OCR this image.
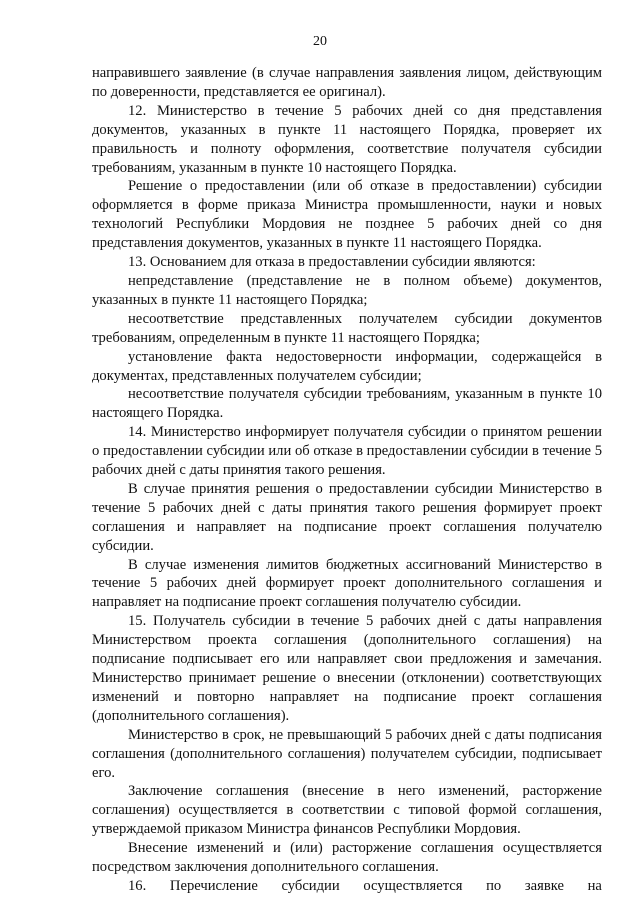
20

направившего заявление (в случае направления заявления лицом, действующим по доверенности, представляется ее оригинал).

12. Министерство в течение 5 рабочих дней со дня представления документов, указанных в пункте 11 настоящего Порядка, проверяет их правильность и полноту оформления, соответствие получателя субсидии требованиям, указанным в пункте 10 настоящего Порядка.

Решение о предоставлении (или об отказе в предоставлении) субсидии оформляется в форме приказа Министра промышленности, науки и новых технологий Республики Мордовия не позднее 5 рабочих дней со дня представления документов, указанных в пункте 11 настоящего Порядка.

13. Основанием для отказа в предоставлении субсидии являются:

непредставление (представление не в полном объеме) документов, указанных в пункте 11 настоящего Порядка;

несоответствие представленных получателем субсидии документов требованиям, определенным в пункте 11 настоящего Порядка;

установление факта недостоверности информации, содержащейся в документах, представленных получателем субсидии;

несоответствие получателя субсидии требованиям, указанным в пункте 10 настоящего Порядка.

14. Министерство информирует получателя субсидии о принятом решении о предоставлении субсидии или об отказе в предоставлении субсидии в течение 5 рабочих дней с даты принятия такого решения.

В случае принятия решения о предоставлении субсидии Министерство в течение 5 рабочих дней с даты принятия такого решения формирует проект соглашения и направляет на подписание проект соглашения получателю субсидии.

В случае изменения лимитов бюджетных ассигнований Министерство в течение 5 рабочих дней формирует проект дополнительного соглашения и направляет на подписание проект соглашения получателю субсидии.

15. Получатель субсидии в течение 5 рабочих дней с даты направления Министерством проекта соглашения (дополнительного соглашения) на подписание подписывает его или направляет свои предложения и замечания. Министерство принимает решение о внесении (отклонении) соответствующих изменений и повторно направляет на подписание проект соглашения (дополнительного соглашения).

Министерство в срок, не превышающий 5 рабочих дней с даты подписания соглашения (дополнительного соглашения) получателем субсидии, подписывает его.

Заключение соглашения (внесение в него изменений, расторжение соглашения) осуществляется в соответствии с типовой формой соглашения, утверждаемой приказом Министра финансов Республики Мордовия.

Внесение изменений и (или) расторжение соглашения осуществляется посредством заключения дополнительного соглашения.

16. Перечисление субсидии осуществляется по заявке на
